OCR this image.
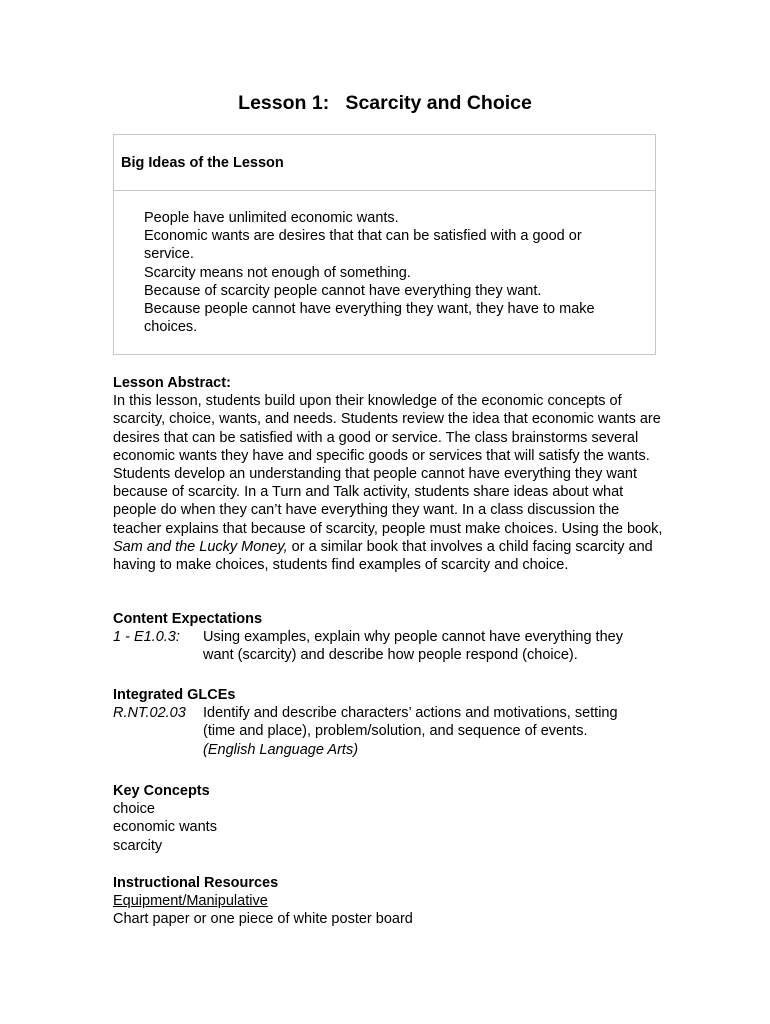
Lesson 1:   Scarcity and Choice
Big Ideas of the Lesson
People have unlimited economic wants.
Economic wants are desires that that can be satisfied with a good or service.
Scarcity means not enough of something.
Because of scarcity people cannot have everything they want.
Because people cannot have everything they want, they have to make choices.
Lesson Abstract:
In this lesson, students build upon their knowledge of the economic concepts of scarcity, choice, wants, and needs. Students review the idea that economic wants are desires that can be satisfied with a good or service. The class brainstorms several economic wants they have and specific goods or services that will satisfy the wants. Students develop an understanding that people cannot have everything they want because of scarcity. In a Turn and Talk activity, students share ideas about what people do when they can’t have everything they want. In a class discussion the teacher explains that because of scarcity, people must make choices. Using the book, Sam and the Lucky Money, or a similar book that involves a child facing scarcity and having to make choices, students find examples of scarcity and choice.
Content Expectations
1 - E1.0.3:	Using examples, explain why people cannot have everything they want (scarcity) and describe how people respond (choice).
Integrated GLCEs
R.NT.02.03	Identify and describe characters’ actions and motivations, setting (time and place), problem/solution, and sequence of events.
(English Language Arts)
Key Concepts
choice
economic wants
scarcity
Instructional Resources
Equipment/Manipulative
Chart paper or one piece of white poster board
